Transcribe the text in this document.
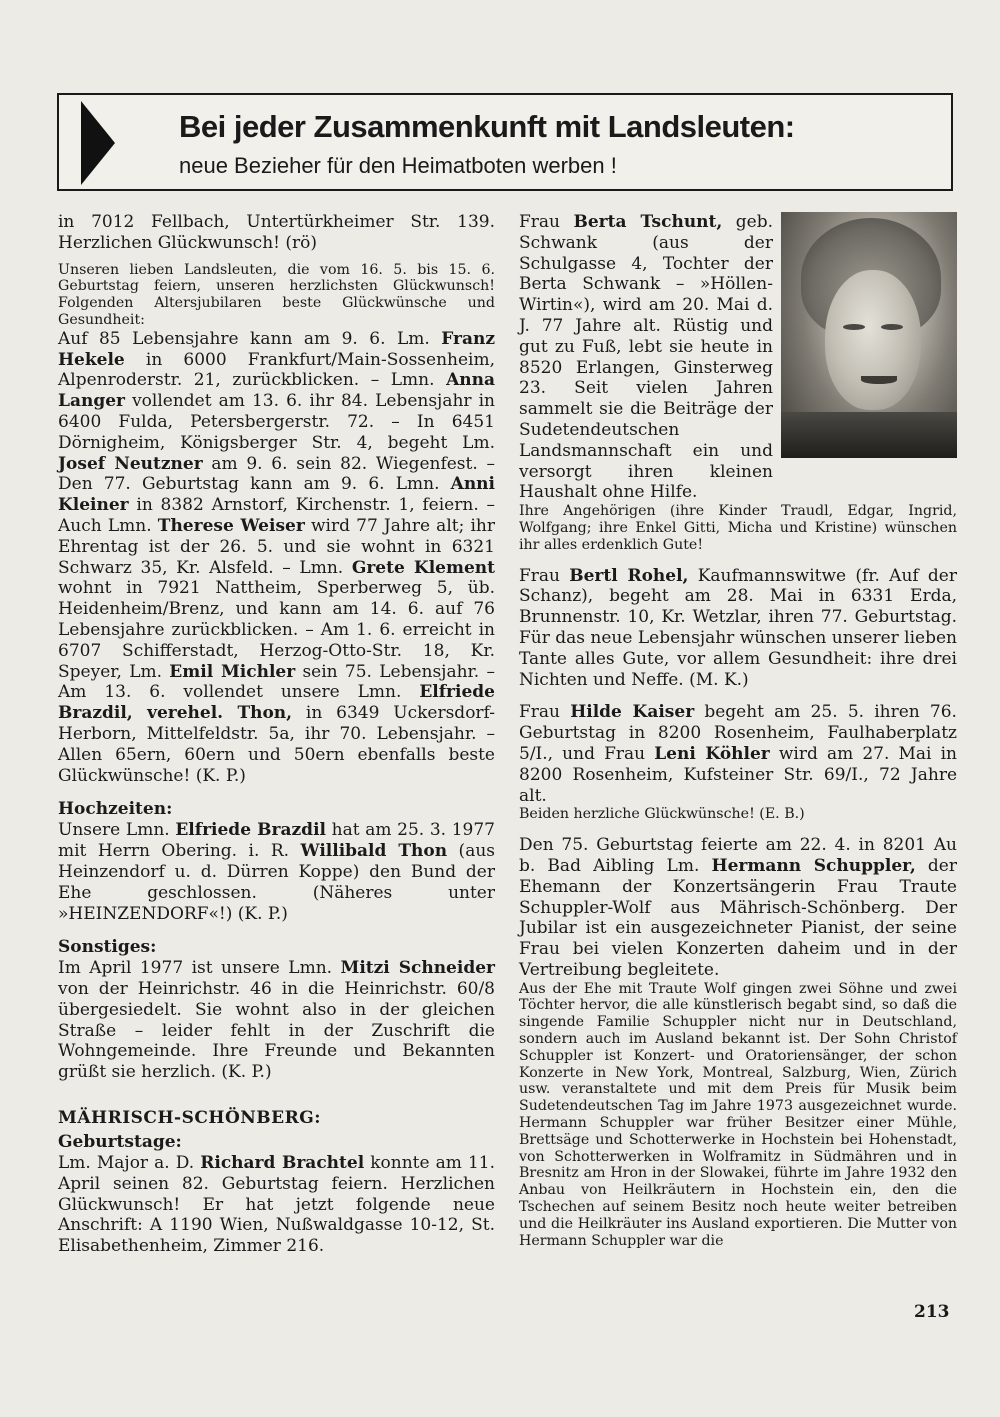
Bei jeder Zusammenkunft mit Landsleuten:
neue Bezieher für den Heimatboten werben !

in 7012 Fellbach, Untertürkheimer Str. 139. Herzlichen Glückwunsch! (rö)

Unseren lieben Landsleuten, die vom 16. 5. bis 15. 6. Geburtstag feiern, unseren herzlichsten Glückwunsch! Folgenden Altersjubilaren beste Glückwünsche und Gesundheit:

Auf 85 Lebensjahre kann am 9. 6. Lm. Franz Hekele in 6000 Frankfurt/Main-Sossenheim, Alpenroderstr. 21, zurückblicken. – Lmn. Anna Langer vollendet am 13. 6. ihr 84. Lebensjahr in 6400 Fulda, Petersbergerstr. 72. – In 6451 Dörnigheim, Königsberger Str. 4, begeht Lm. Josef Neutzner am 9. 6. sein 82. Wiegenfest. – Den 77. Geburtstag kann am 9. 6. Lmn. Anni Kleiner in 8382 Arnstorf, Kirchenstr. 1, feiern. – Auch Lmn. Therese Weiser wird 77 Jahre alt; ihr Ehrentag ist der 26. 5. und sie wohnt in 6321 Schwarz 35, Kr. Alsfeld. – Lmn. Grete Klement wohnt in 7921 Nattheim, Sperberweg 5, üb. Heidenheim/Brenz, und kann am 14. 6. auf 76 Lebensjahre zurückblicken. – Am 1. 6. erreicht in 6707 Schifferstadt, Herzog-Otto-Str. 18, Kr. Speyer, Lm. Emil Michler sein 75. Lebensjahr. – Am 13. 6. vollendet unsere Lmn. Elfriede Brazdil, verehel. Thon, in 6349 Uckersdorf-Herborn, Mittelfeldstr. 5a, ihr 70. Lebensjahr. – Allen 65ern, 60ern und 50ern ebenfalls beste Glückwünsche! (K. P.)

Hochzeiten:

Unsere Lmn. Elfriede Brazdil hat am 25. 3. 1977 mit Herrn Obering. i. R. Willibald Thon (aus Heinzendorf u. d. Dürren Koppe) den Bund der Ehe geschlossen. (Näheres unter »HEINZENDORF«!) (K. P.)

Sonstiges:

Im April 1977 ist unsere Lmn. Mitzi Schneider von der Heinrichstr. 46 in die Heinrichstr. 60/8 übergesiedelt. Sie wohnt also in der gleichen Straße – leider fehlt in der Zuschrift die Wohngemeinde. Ihre Freunde und Bekannten grüßt sie herzlich. (K. P.)

MÄHRISCH-SCHÖNBERG:
Geburtstage:

Lm. Major a. D. Richard Brachtel konnte am 11. April seinen 82. Geburtstag feiern. Herzlichen Glückwunsch! Er hat jetzt folgende neue Anschrift: A 1190 Wien, Nußwaldgasse 10-12, St. Elisabethenheim, Zimmer 216.

Frau Berta Tschunt, geb. Schwank (aus der Schulgasse 4, Tochter der Berta Schwank – »Höllen-Wirtin«), wird am 20. Mai d. J. 77 Jahre alt. Rüstig und gut zu Fuß, lebt sie heute in 8520 Erlangen, Ginsterweg 23. Seit vielen Jahren sammelt sie die Beiträge der Sudetendeutschen Landsmannschaft ein und versorgt ihren kleinen Haushalt ohne Hilfe.

Ihre Angehörigen (ihre Kinder Traudl, Edgar, Ingrid, Wolfgang; ihre Enkel Gitti, Micha und Kristine) wünschen ihr alles erdenklich Gute!

Frau Bertl Rohel, Kaufmannswitwe (fr. Auf der Schanz), begeht am 28. Mai in 6331 Erda, Brunnenstr. 10, Kr. Wetzlar, ihren 77. Geburtstag. Für das neue Lebensjahr wünschen unserer lieben Tante alles Gute, vor allem Gesundheit: ihre drei Nichten und Neffe. (M. K.)

Frau Hilde Kaiser begeht am 25. 5. ihren 76. Geburtstag in 8200 Rosenheim, Faulhaberplatz 5/I., und Frau Leni Köhler wird am 27. Mai in 8200 Rosenheim, Kufsteiner Str. 69/I., 72 Jahre alt.

Beiden herzliche Glückwünsche! (E. B.)

Den 75. Geburtstag feierte am 22. 4. in 8201 Au b. Bad Aibling Lm. Hermann Schuppler, der Ehemann der Konzertsängerin Frau Traute Schuppler-Wolf aus Mährisch-Schönberg. Der Jubilar ist ein ausgezeichneter Pianist, der seine Frau bei vielen Konzerten daheim und in der Vertreibung begleitete.

Aus der Ehe mit Traute Wolf gingen zwei Söhne und zwei Töchter hervor, die alle künstlerisch begabt sind, so daß die singende Familie Schuppler nicht nur in Deutschland, sondern auch im Ausland bekannt ist. Der Sohn Christof Schuppler ist Konzert- und Oratoriensänger, der schon Konzerte in New York, Montreal, Salzburg, Wien, Zürich usw. veranstaltete und mit dem Preis für Musik beim Sudetendeutschen Tag im Jahre 1973 ausgezeichnet wurde. Hermann Schuppler war früher Besitzer einer Mühle, Brettsäge und Schotterwerke in Hochstein bei Hohenstadt, von Schotterwerken in Wolframitz in Südmähren und in Bresnitz am Hron in der Slowakei, führte im Jahre 1932 den Anbau von Heilkräutern in Hochstein ein, den die Tschechen auf seinem Besitz noch heute weiter betreiben und die Heilkräuter ins Ausland exportieren. Die Mutter von Hermann Schuppler war die

213
